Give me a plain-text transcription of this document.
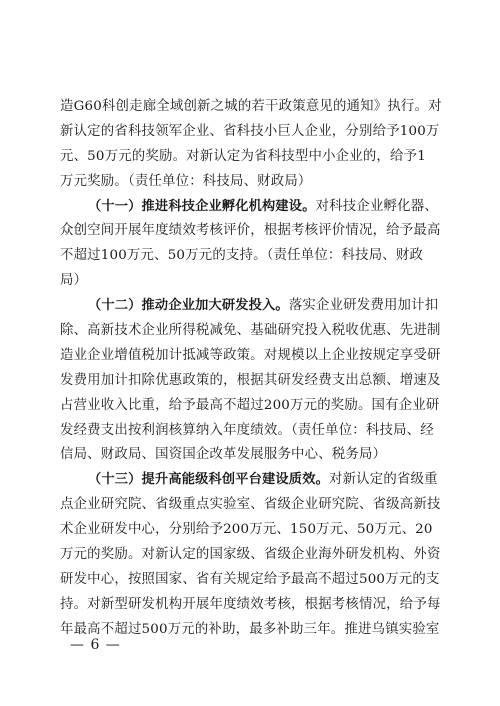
造G60科创走廊全域创新之城的若干政策意见的通知》执行。对
新认定的省科技领军企业、省科技小巨人企业，分别给予100万
元、50万元的奖励。对新认定为省科技型中小企业的，给予1
万元奖励。（责任单位：科技局、财政局）
（十一）推进科技企业孵化机构建设。对科技企业孵化器、
众创空间开展年度绩效考核评价，根据考核评价情况，给予最高
不超过100万元、50万元的支持。（责任单位：科技局、财政
局）
（十二）推动企业加大研发投入。落实企业研发费用加计扣
除、高新技术企业所得税减免、基础研究投入税收优惠、先进制
造业企业增值税加计抵减等政策。对规模以上企业按规定享受研
发费用加计扣除优惠政策的，根据其研发经费支出总额、增速及
占营业收入比重，给予最高不超过200万元的奖励。国有企业研
发经费支出按利润核算纳入年度绩效。（责任单位：科技局、经
信局、财政局、国资国企改革发展服务中心、税务局）
（十三）提升高能级科创平台建设质效。对新认定的省级重
点企业研究院、省级重点实验室、省级企业研究院、省级高新技
术企业研发中心，分别给予200万元、150万元、50万元、20
万元的奖励。对新认定的国家级、省级企业海外研发机构、外资
研发中心，按照国家、省有关规定给予最高不超过500万元的支
持。对新型研发机构开展年度绩效考核，根据考核情况，给予每
年最高不超过500万元的补助，最多补助三年。推进乌镇实验室
— 6 —
